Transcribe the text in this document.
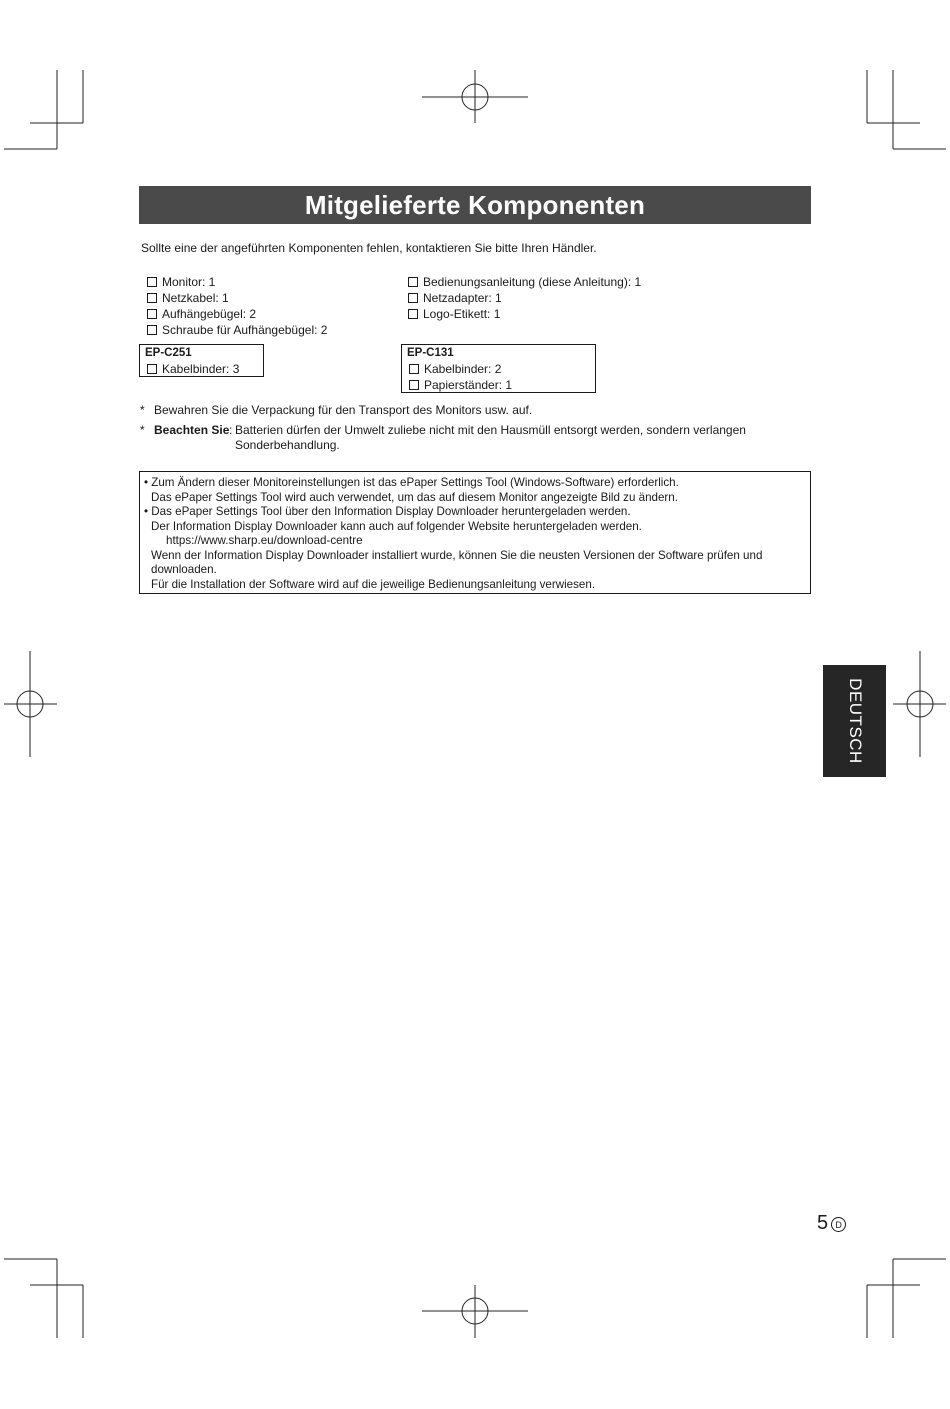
Mitgelieferte Komponenten
Sollte eine der angeführten Komponenten fehlen, kontaktieren Sie bitte Ihren Händler.
Monitor: 1
Netzkabel: 1
Aufhängebügel: 2
Schraube für Aufhängebügel: 2
Bedienungsanleitung (diese Anleitung): 1
Netzadapter: 1
Logo-Etikett: 1
EP-C251
Kabelbinder: 3
EP-C131
Kabelbinder: 2
Papierständer: 1
* Bewahren Sie die Verpackung für den Transport des Monitors usw. auf.
* Beachten Sie : Batterien dürfen der Umwelt zuliebe nicht mit den Hausmüll entsorgt werden, sondern verlangen
Sonderbehandlung.
• Zum Ändern dieser Monitoreinstellungen ist das ePaper Settings Tool (Windows-Software) erforderlich.
Das ePaper Settings Tool wird auch verwendet, um das auf diesem Monitor angezeigte Bild zu ändern.
• Das ePaper Settings Tool über den Information Display Downloader heruntergeladen werden.
Der Information Display Downloader kann auch auf folgender Website heruntergeladen werden.
https://www.sharp.eu/download-centre
Wenn der Information Display Downloader installiert wurde, können Sie die neusten Versionen der Software prüfen und
downloaden.
Für die Installation der Software wird auf die jeweilige Bedienungsanleitung verwiesen.
DEUTSCH
5 D
